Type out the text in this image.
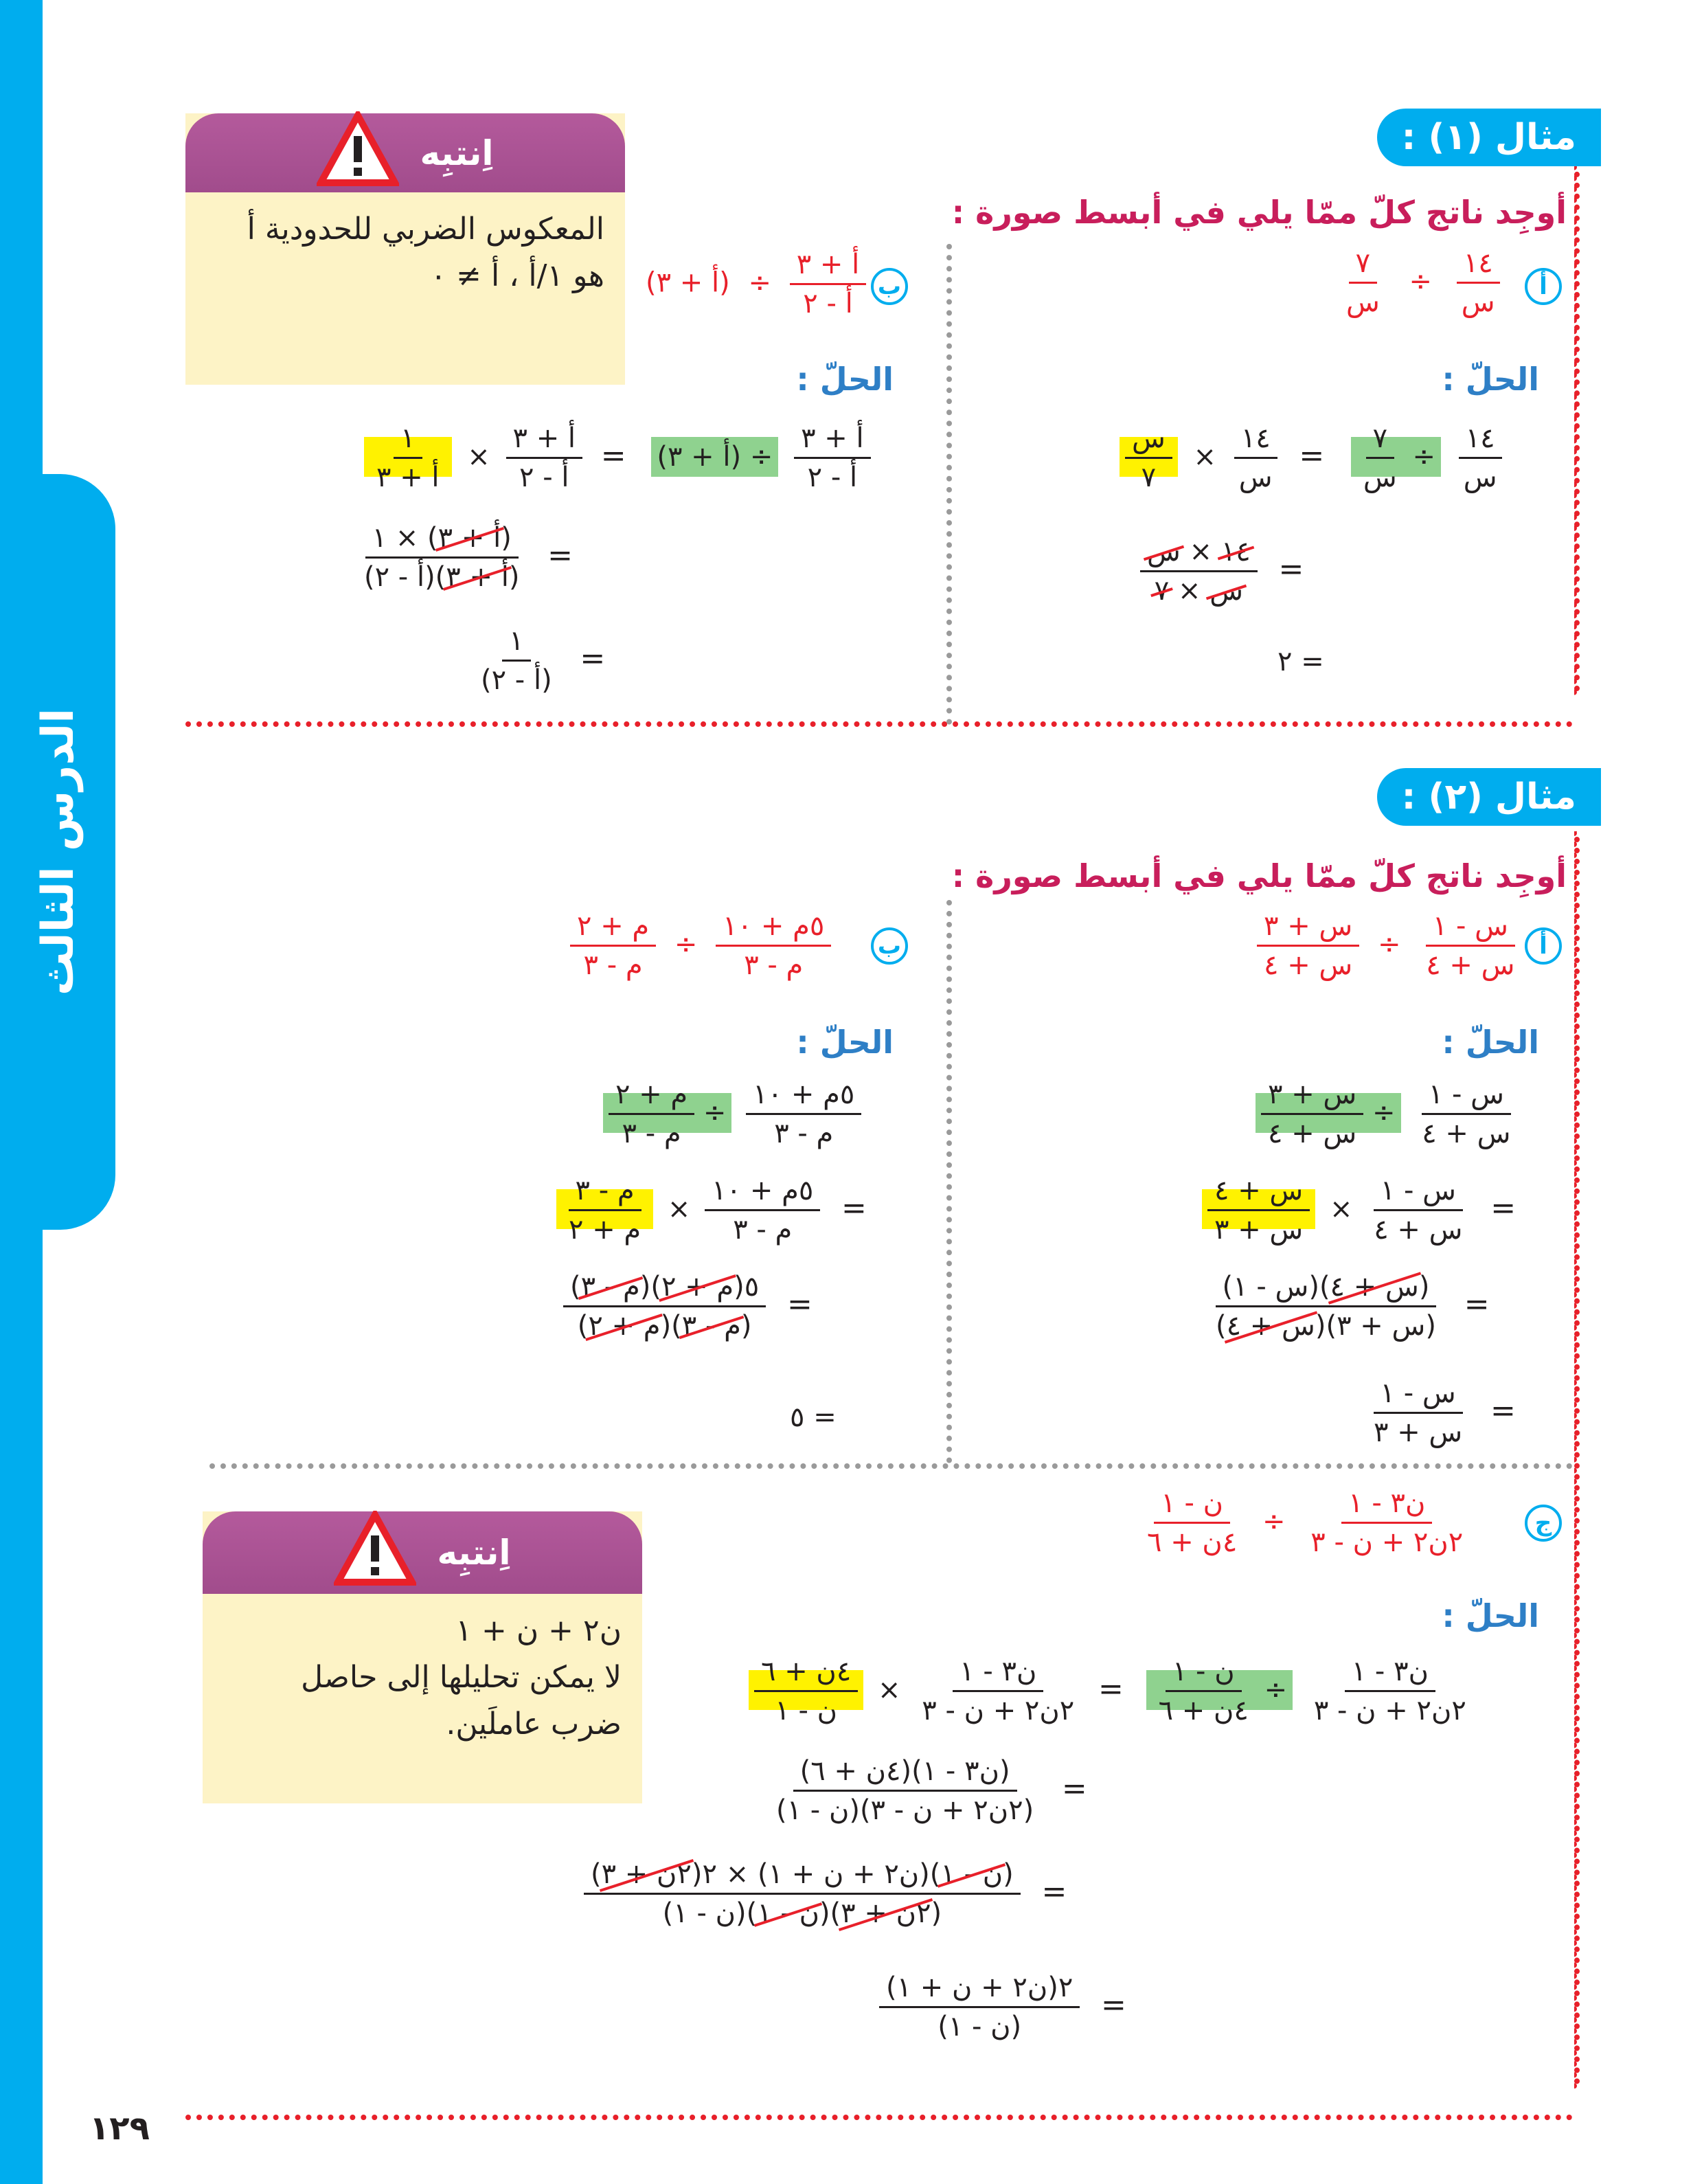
الدرس الثالث
مثال (١) :
أوجِد ناتج كلّ ممّا يلي في أبسط صورة :
أ
$\frac{١٤}{\text{س}}$
÷
$\frac{٧}{\text{س}}$
الحلّ :
$\frac{١٤}{\text{س}}$
÷
$\frac{٧}{\text{س}}$
=
$\frac{١٤}{\text{س}}$
×
$\frac{\text{س}}{٧}$
=
$\frac{\text{١٤ × س}}{\text{س × ٧}}$
= ٢
ب
$\frac{\text{أ + ٣}}{\text{أ - ٢}}$
÷ (أ + ٣)
الحلّ :
$\frac{\text{أ + ٣}}{\text{أ - ٢}}$
÷ (أ + ٣) =
$\frac{\text{أ + ٣}}{\text{أ - ٢}}$
×
$\frac{١}{\text{أ + ٣}}$
=
$\frac{\text{(أ + ٣) × ١}}{\text{(أ + ٣)(أ - ٢)}}$
=
$\frac{١}{\text{(أ - ٢)}}$
اِنتبِه
المعكوس الضربي للحدودية أ
هو ١/أ ، أ ≠ ٠
مثال (٢) :
أوجِد ناتج كلّ ممّا يلي في أبسط صورة :
أ
$\frac{\text{س - ١}}{\text{س + ٤}}$
÷
$\frac{\text{س + ٣}}{\text{س + ٤}}$
الحلّ :
$\frac{\text{س - ١}}{\text{س + ٤}}$
÷
$\frac{\text{س + ٣}}{\text{س + ٤}}$
=
$\frac{\text{س - ١}}{\text{س + ٤}}$
×
$\frac{\text{س + ٤}}{\text{س + ٣}}$
=
$\frac{\text{(س + ٤)(س - ١)}}{\text{(س + ٣)(س + ٤)}}$
=
$\frac{\text{س - ١}}{\text{س + ٣}}$
ب
$\frac{\text{٥م + ١٠}}{\text{م - ٣}}$
÷
$\frac{\text{م + ٢}}{\text{م - ٣}}$
الحلّ :
$\frac{\text{٥م + ١٠}}{\text{م - ٣}}$
÷
$\frac{\text{م + ٢}}{\text{م - ٣}}$
=
$\frac{\text{٥م + ١٠}}{\text{م - ٣}}$
×
$\frac{\text{م - ٣}}{\text{م + ٢}}$
=
$\frac{\text{٥(م + ٢)(م - ٣)}}{\text{(م - ٣)(م + ٢)}}$
= ٥
ج
$\frac{\text{ن٣ - ١}}{\text{٢ن٢ + ن - ٣}}$
÷
$\frac{\text{ن - ١}}{\text{٤ن + ٦}}$
الحلّ :
$\frac{\text{ن٣ - ١}}{\text{٢ن٢ + ن - ٣}}$
÷
$\frac{\text{ن - ١}}{\text{٤ن + ٦}}$
=
$\frac{\text{ن٣ - ١}}{\text{٢ن٢ + ن - ٣}}$
×
$\frac{\text{٤ن + ٦}}{\text{ن - ١}}$
=
$\frac{\text{(ن٣ - ١)(٤ن + ٦)}}{\text{(٢ن٢ + ن - ٣)(ن - ١)}}$
=
$\frac{\text{(ن - ١)(ن٢ + ن + ١) × ٢(٢ن + ٣)}}{\text{(٢ن + ٣)(ن - ١)(ن - ١)}}$
=
$\frac{\text{٢(ن٢ + ن + ١)}}{\text{(ن - ١)}}$
اِنتبِه
ن٢ + ن + ١
لا يمكن تحليلها إلى حاصل
ضرب عاملَين.
١٢٩
